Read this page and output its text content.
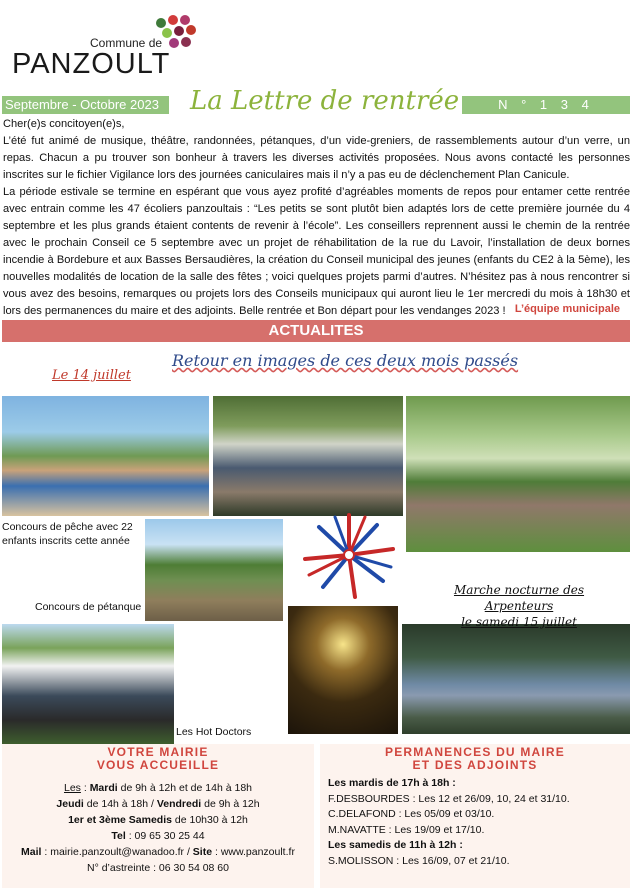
Commune de
PANZOULT
Septembre - Octobre 2023	La Lettre de rentrée	N ° 1 3 4

Cher(e)s concitoyen(e)s,

L’été fut animé de musique, théâtre, randonnées, pétanques, d’un vide-greniers, de rassemblements autour d’un verre, un repas. Chacun a pu trouver son bonheur à travers les diverses activités proposées. Nous avons contacté les personnes inscrites sur le fichier Vigilance lors des journées caniculaires mais il n’y a pas eu de déclenchement Plan Canicule.

La période estivale se termine en espérant que vous ayez profité d’agréables moments de repos pour entamer cette rentrée avec entrain comme les 47 écoliers panzoultais : “Les petits se sont plutôt bien adaptés lors de cette première journée du 4 septembre et les plus grands étaient contents de revenir à l’école”. Les conseillers reprennent aussi le chemin de la rentrée avec le prochain Conseil ce 5 septembre avec un projet de réhabilitation de la rue du Lavoir, l’installation de deux bornes incendie à Bordebure et aux Basses Bersaudières, la création du Conseil municipal des jeunes (enfants du CE2 à la 5ème), les nouvelles modalités de location de la salle des fêtes ; voici quelques projets parmi d’autres. N’hésitez pas à nous rencontrer si vous avez des besoins, remarques ou projets lors des Conseils municipaux qui auront lieu le 1er mercredi du mois à 18h30 et lors des permanences du maire et des adjoints. Belle rentrée et Bon départ pour les vendanges 2023 ! L’équipe municipale
ACTUALITES
Retour en images de ces deux mois passés
Le 14 juillet
Concours de pêche avec 22 enfants inscrits cette année
Concours de pétanque
Marche nocturne des Arpenteurs
le samedi 15 juillet
Les Hot Doctors
VOTRE MAIRIE
VOUS ACCUEILLE
Les : Mardi de 9h à 12h et de 14h à 18h
Jeudi de 14h à 18h / Vendredi de 9h à 12h
1er et 3ème Samedis de 10h30 à 12h
Tel : 09 65 30 25 44
Mail : mairie.panzoult@wanadoo.fr / Site : www.panzoult.fr
N° d’astreinte : 06 30 54 08 60
PERMANENCES DU MAIRE
ET DES ADJOINTS
Les mardis de 17h à 18h :
F.DESBOURDES : Les 12 et 26/09, 10, 24 et 31/10.
C.DELAFOND : Les 05/09 et 03/10.
M.NAVATTE : Les 19/09 et 17/10.
Les samedis de 11h à 12h :
S.MOLISSON : Les 16/09, 07 et 21/10.
